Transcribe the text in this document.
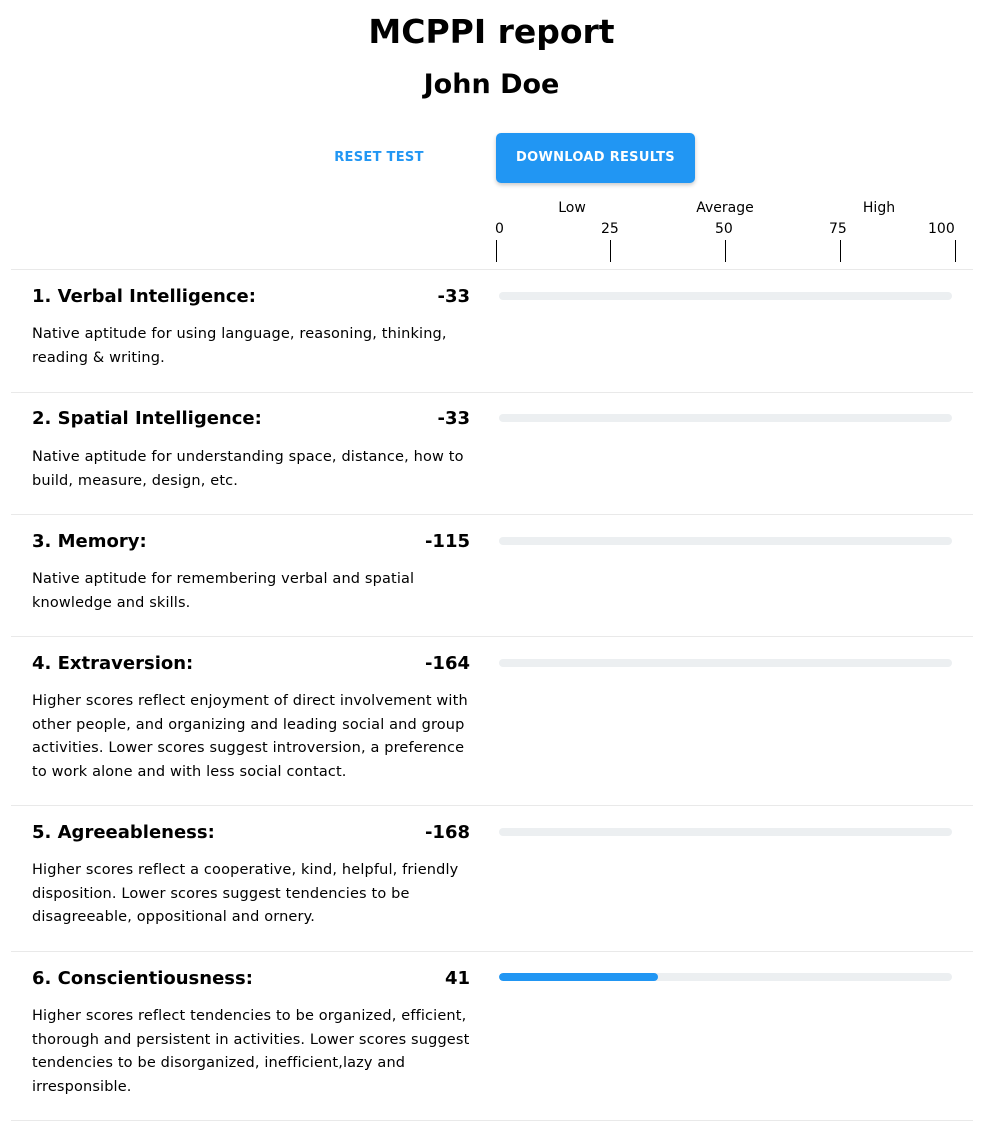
MCPPI report
John Doe
RESET TEST	DOWNLOAD RESULTS
Low	Average	High
0	25	50	75	100
1. Verbal Intelligence:	-33
Native aptitude for using language, reasoning, thinking, reading & writing.
2. Spatial Intelligence:	-33
Native aptitude for understanding space, distance, how to build, measure, design, etc.
3. Memory:	-115
Native aptitude for remembering verbal and spatial knowledge and skills.
4. Extraversion:	-164
Higher scores reflect enjoyment of direct involvement with other people, and organizing and leading social and group activities. Lower scores suggest introversion, a preference to work alone and with less social contact.
5. Agreeableness:	-168
Higher scores reflect a cooperative, kind, helpful, friendly disposition. Lower scores suggest tendencies to be disagreeable, oppositional and ornery.
6. Conscientiousness:	41
Higher scores reflect tendencies to be organized, efficient, thorough and persistent in activities. Lower scores suggest tendencies to be disorganized, inefficient,lazy and irresponsible.
